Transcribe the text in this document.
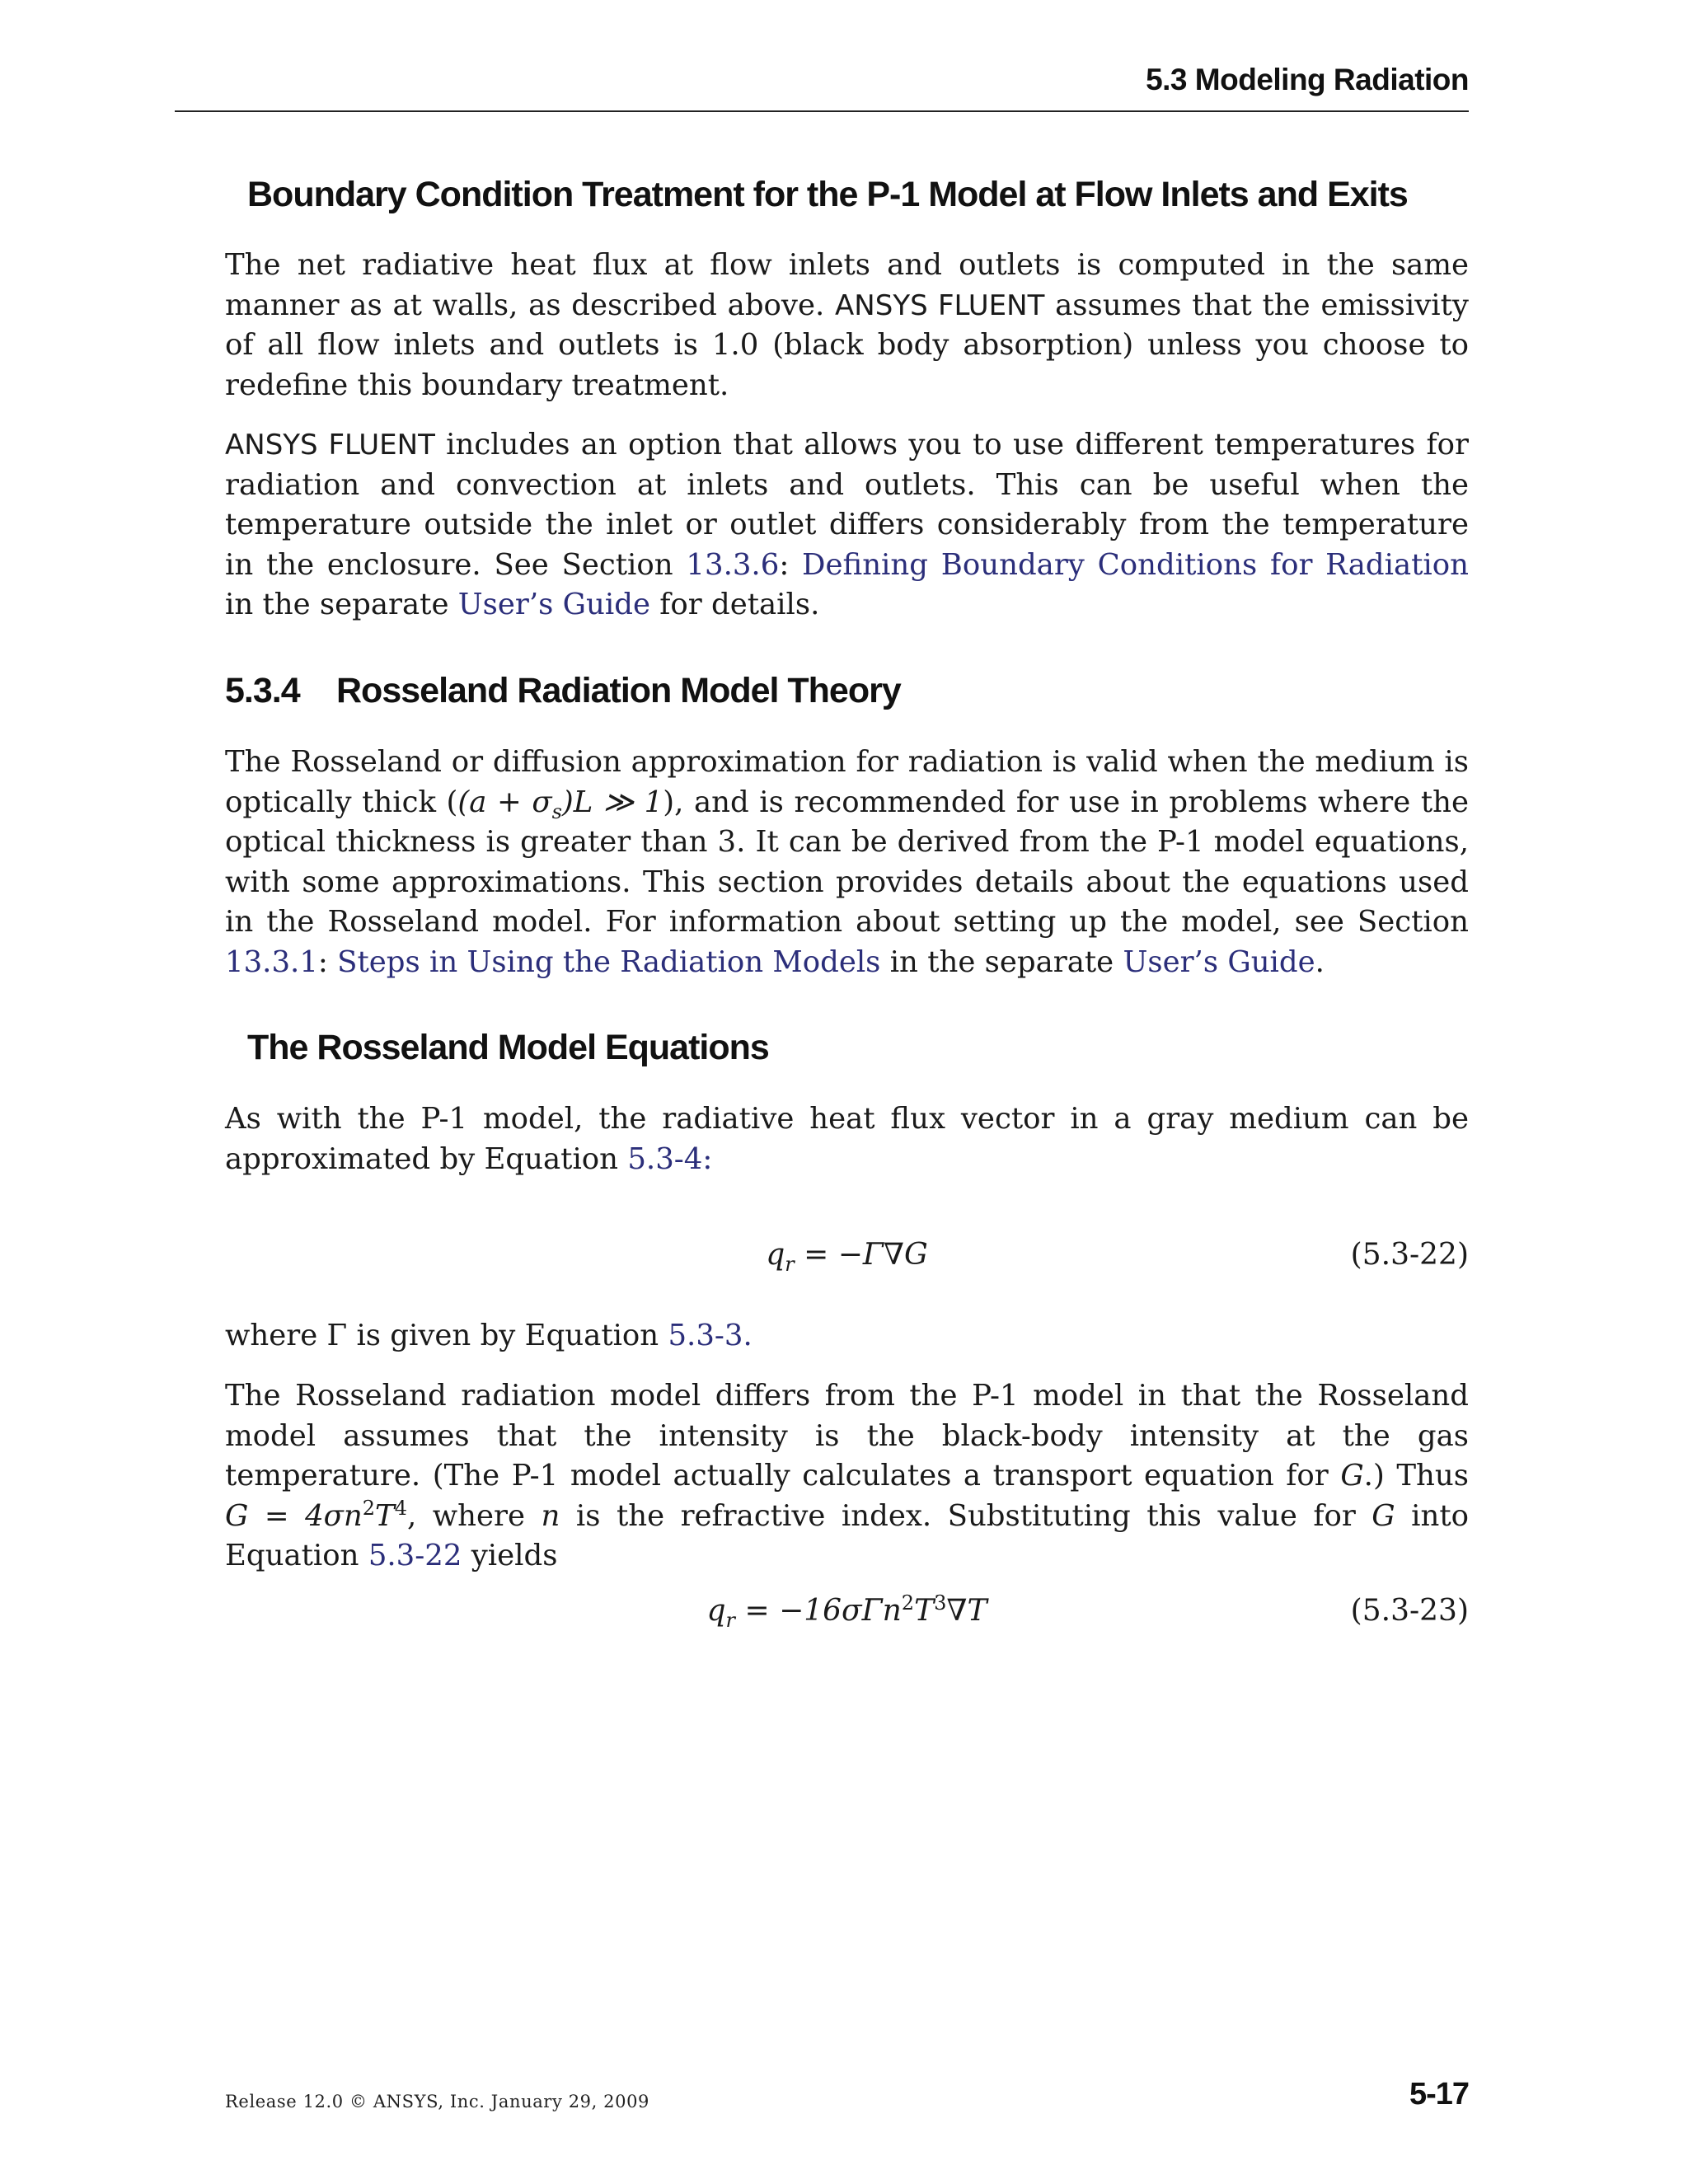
5.3 Modeling Radiation
Boundary Condition Treatment for the P-1 Model at Flow Inlets and Exits

The net radiative heat flux at flow inlets and outlets is computed in the same manner as at walls, as described above. ANSYS FLUENT assumes that the emissivity of all flow inlets and outlets is 1.0 (black body absorption) unless you choose to redefine this boundary treatment.

ANSYS FLUENT includes an option that allows you to use different temperatures for radiation and convection at inlets and outlets. This can be useful when the temperature outside the inlet or outlet differs considerably from the temperature in the enclosure. See Section 13.3.6: Defining Boundary Conditions for Radiation in the separate User’s Guide for details.

5.3.4 Rosseland Radiation Model Theory

The Rosseland or diffusion approximation for radiation is valid when the medium is optically thick ($(a + \sigma_s)L$ ≫ 1), and is recommended for use in problems where the optical thickness is greater than 3. It can be derived from the P-1 model equations, with some approximations. This section provides details about the equations used in the Rosseland model. For information about setting up the model, see Section 13.3.1: Steps in Using the Radiation Models in the separate User’s Guide.

The Rosseland Model Equations

As with the P-1 model, the radiative heat flux vector in a gray medium can be approximated by Equation 5.3-4:

$q_r = -\Gamma\nabla G$	(5.3-22)

where Γ is given by Equation 5.3-3.

The Rosseland radiation model differs from the P-1 model in that the Rosseland model assumes that the intensity is the black-body intensity at the gas temperature. (The P-1 model actually calculates a transport equation for G.) Thus $G = 4\sigma n^2T^4$, where n is the refractive index. Substituting this value for G into Equation 5.3-22 yields

$q_r = -16\sigma\Gamma n^2T^3\nabla T$	(5.3-23)
Release 12.0 © ANSYS, Inc. January 29, 2009	5-17
